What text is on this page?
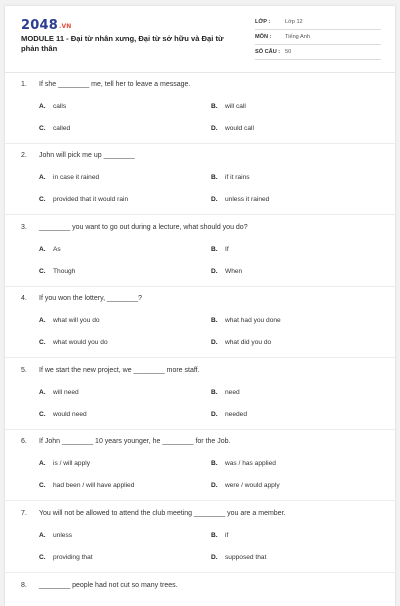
2048.VN
MODULE 11 - Đại từ nhân xưng, Đại từ sở hữu và Đại từ phản thân
LỚP :	Lớp 12
MÔN : Tiếng Anh
SỐ CÂU : 50
1. If she ________ me, tell her to leave a message.
A. calls	B. will call
C. called	D. would call
2. John will pick me up ________
A. in case it rained	B. if it rains
C. provided that it would rain	D. unless it rained
3. ________ you want to go out during a lecture, what should you do?
A. As	B. If
C. Though	D. When
4. If you won the lottery, ________?
A. what will you do	B. what had you done
C. what would you do	D. what did you do
5. If we start the new project, we ________ more staff.
A. will need	B. need
C. would need	D. needed
6. If John ________ 10 years younger, he ________ for the Job.
A. is / will apply	B. was / has applied
C. had been / will have applied	D. were / would apply
7. You will not be allowed to attend the club meeting ________ you are a member.
A. unless	B. if
C. providing that	D. supposed that
8. ________ people had not cut so many trees.
